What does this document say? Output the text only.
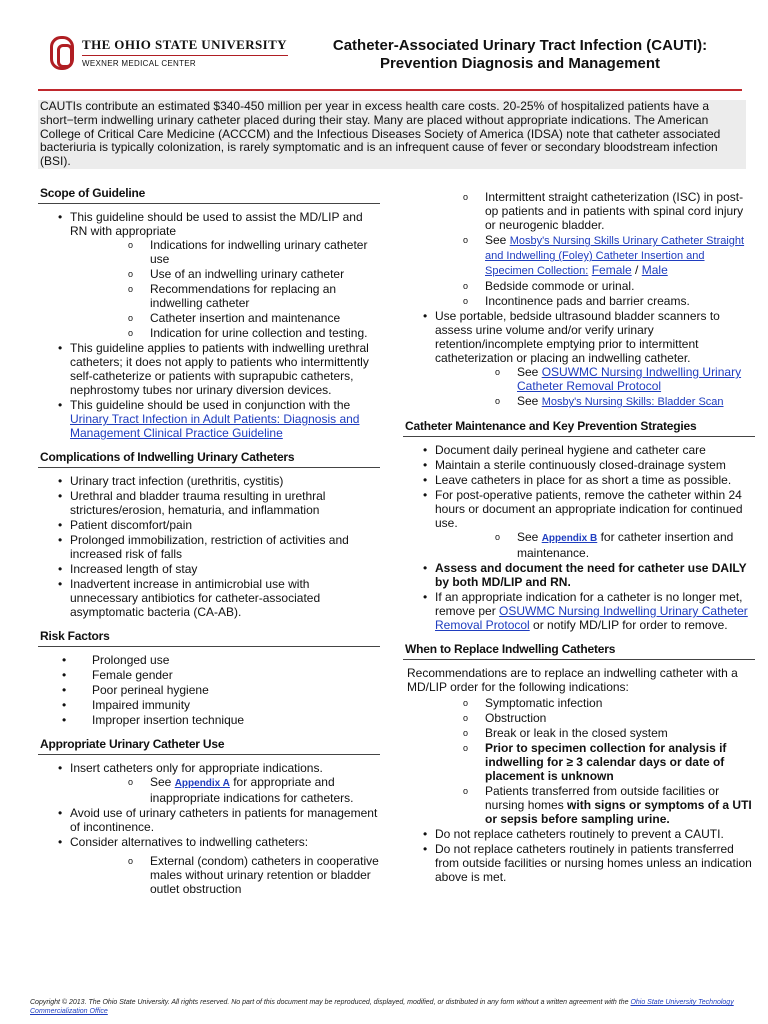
THE OHIO STATE UNIVERSITY
WEXNER MEDICAL CENTER
Catheter-Associated Urinary Tract Infection (CAUTI):
Prevention Diagnosis and Management
CAUTIs contribute an estimated $340-450 million per year in excess health care costs. 20-25% of hospitalized patients have a short−term indwelling urinary catheter placed during their stay. Many are placed without appropriate indications. The American College of Critical Care Medicine (ACCCM) and the Infectious Diseases Society of America (IDSA) note that catheter associated bacteriuria is typically colonization, is rarely symptomatic and is an infrequent cause of fever or secondary bloodstream infection (BSI).
Scope of Guideline
• This guideline should be used to assist the MD/LIP and RN with appropriate
o Indications for indwelling urinary catheter use
o Use of an indwelling urinary catheter
o Recommendations for replacing an indwelling catheter
o Catheter insertion and maintenance
o Indication for urine collection and testing.
• This guideline applies to patients with indwelling urethral catheters; it does not apply to patients who intermittently self-catheterize or patients with suprapubic catheters, nephrostomy tubes nor urinary diversion devices.
• This guideline should be used in conjunction with the Urinary Tract Infection in Adult Patients: Diagnosis and Management Clinical Practice Guideline
Complications of Indwelling Urinary Catheters
• Urinary tract infection (urethritis, cystitis)
• Urethral and bladder trauma resulting in urethral strictures/erosion, hematuria, and inflammation
• Patient discomfort/pain
• Prolonged immobilization, restriction of activities and increased risk of falls
• Increased length of stay
• Inadvertent increase in antimicrobial use with unnecessary antibiotics for catheter-associated asymptomatic bacteria (CA-AB).
Risk Factors
• Prolonged use
• Female gender
• Poor perineal hygiene
• Impaired immunity
• Improper insertion technique
Appropriate Urinary Catheter Use
• Insert catheters only for appropriate indications.
o See Appendix A for appropriate and inappropriate indications for catheters.
• Avoid use of urinary catheters in patients for management of incontinence.
• Consider alternatives to indwelling catheters:
o External (condom) catheters in cooperative males without urinary retention or bladder outlet obstruction
o Intermittent straight catheterization (ISC) in post-op patients and in patients with spinal cord injury or neurogenic bladder.
o See Mosby's Nursing Skills Urinary Catheter Straight and Indwelling (Foley) Catheter Insertion and Specimen Collection: Female / Male
o Bedside commode or urinal.
o Incontinence pads and barrier creams.
• Use portable, bedside ultrasound bladder scanners to assess urine volume and/or verify urinary retention/incomplete emptying prior to intermittent catheterization or placing an indwelling catheter.
o See OSUWMC Nursing Indwelling Urinary Catheter Removal Protocol
o See Mosby's Nursing Skills: Bladder Scan
Catheter Maintenance and Key Prevention Strategies
• Document daily perineal hygiene and catheter care
• Maintain a sterile continuously closed-drainage system
• Leave catheters in place for as short a time as possible.
• For post-operative patients, remove the catheter within 24 hours or document an appropriate indication for continued use.
o See Appendix B for catheter insertion and maintenance.
• Assess and document the need for catheter use DAILY by both MD/LIP and RN.
• If an appropriate indication for a catheter is no longer met, remove per OSUWMC Nursing Indwelling Urinary Catheter Removal Protocol or notify MD/LIP for order to remove.
When to Replace Indwelling Catheters
Recommendations are to replace an indwelling catheter with a MD/LIP order for the following indications:
o Symptomatic infection
o Obstruction
o Break or leak in the closed system
o Prior to specimen collection for analysis if indwelling for ≥ 3 calendar days or date of placement is unknown
o Patients transferred from outside facilities or nursing homes with signs or symptoms of a UTI or sepsis before sampling urine.
• Do not replace catheters routinely to prevent a CAUTI.
• Do not replace catheters routinely in patients transferred from outside facilities or nursing homes unless an indication above is met.
Copyright © 2013. The Ohio State University. All rights reserved. No part of this document may be reproduced, displayed, modified, or distributed in any form without a written agreement with the Ohio State University Technology Commercialization Office
